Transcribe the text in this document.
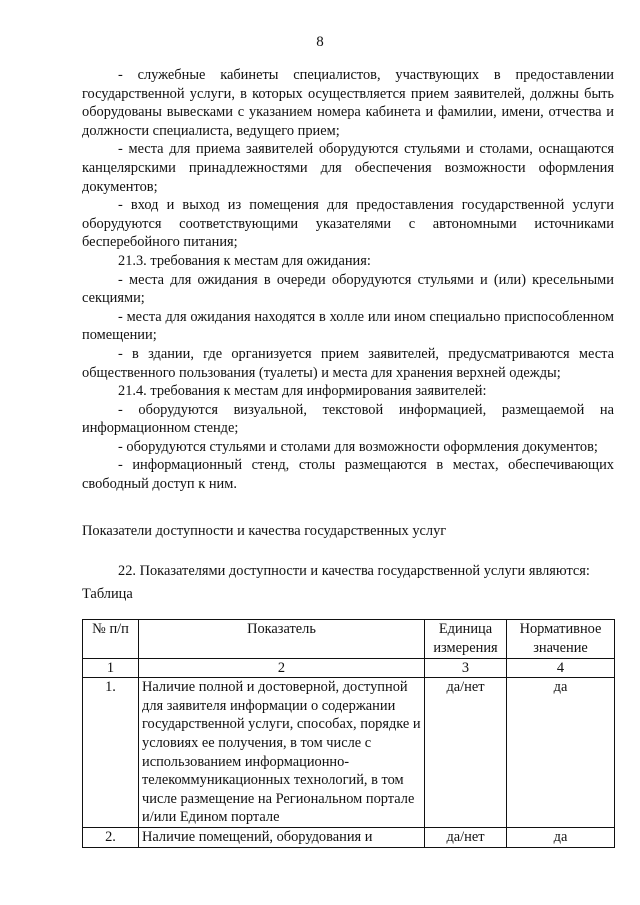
8

- служебные кабинеты специалистов, участвующих в предоставлении государственной услуги, в которых осуществляется прием заявителей, должны быть оборудованы вывесками с указанием номера кабинета и фамилии, имени, отчества и должности специалиста, ведущего прием;

- места для приема заявителей оборудуются стульями и столами, оснащаются канцелярскими принадлежностями для обеспечения возможности оформления документов;

- вход и выход из помещения для предоставления государственной услуги оборудуются соответствующими указателями с автономными источниками бесперебойного питания;

21.3. требования к местам для ожидания:

- места для ожидания в очереди оборудуются стульями и (или) кресельными секциями;

- места для ожидания находятся в холле или ином специально приспособленном помещении;

- в здании, где организуется прием заявителей, предусматриваются места общественного пользования (туалеты) и места для хранения верхней одежды;

21.4. требования к местам для информирования заявителей:

- оборудуются визуальной, текстовой информацией, размещаемой на информационном стенде;

- оборудуются стульями и столами для возможности оформления документов;

- информационный стенд, столы размещаются в местах, обеспечивающих свободный доступ к ним.

Показатели доступности и качества государственных услуг

22. Показателями доступности и качества государственной услуги являются:

Таблица

№ п/п	Показатель	Единица измерения	Нормативное значение
1	2	3	4
1.	Наличие полной и достоверной, доступной для заявителя информации о содержании государственной услуги, способах, порядке и условиях ее получения, в том числе с использованием информационно-телекоммуникационных технологий, в том числе размещение на Региональном портале и/или Едином портале	да/нет	да
2.	Наличие помещений, оборудования и	да/нет	да
